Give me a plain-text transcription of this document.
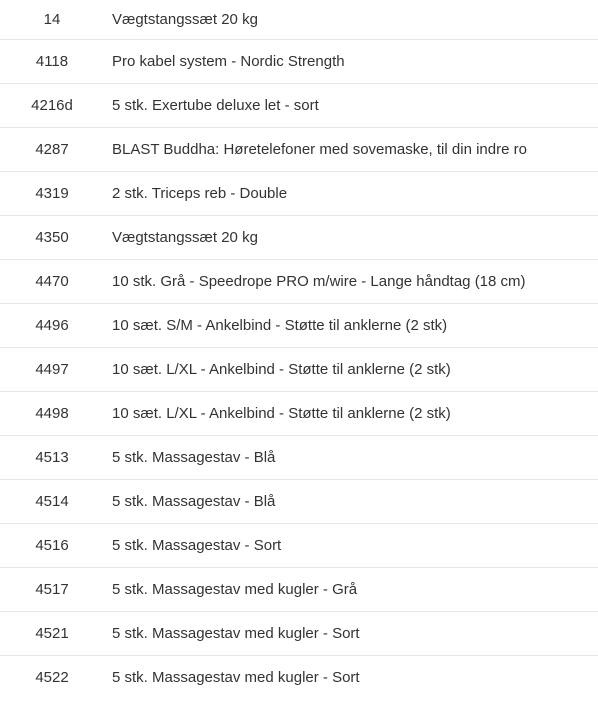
14	Vægtstangssæt 20 kg
4118	Pro kabel system - Nordic Strength
4216d	5 stk. Exertube deluxe let - sort
4287	BLAST Buddha: Høretelefoner med sovemaske, til din indre ro
4319	2 stk. Triceps reb - Double
4350	Vægtstangssæt 20 kg
4470	10 stk. Grå - Speedrope PRO m/wire - Lange håndtag (18 cm)
4496	10 sæt. S/M - Ankelbind - Støtte til anklerne (2 stk)
4497	10 sæt. L/XL - Ankelbind - Støtte til anklerne (2 stk)
4498	10 sæt. L/XL - Ankelbind - Støtte til anklerne (2 stk)
4513	5 stk. Massagestav - Blå
4514	5 stk. Massagestav - Blå
4516	5 stk. Massagestav - Sort
4517	5 stk. Massagestav med kugler - Grå
4521	5 stk. Massagestav med kugler - Sort
4522	5 stk. Massagestav med kugler - Sort
